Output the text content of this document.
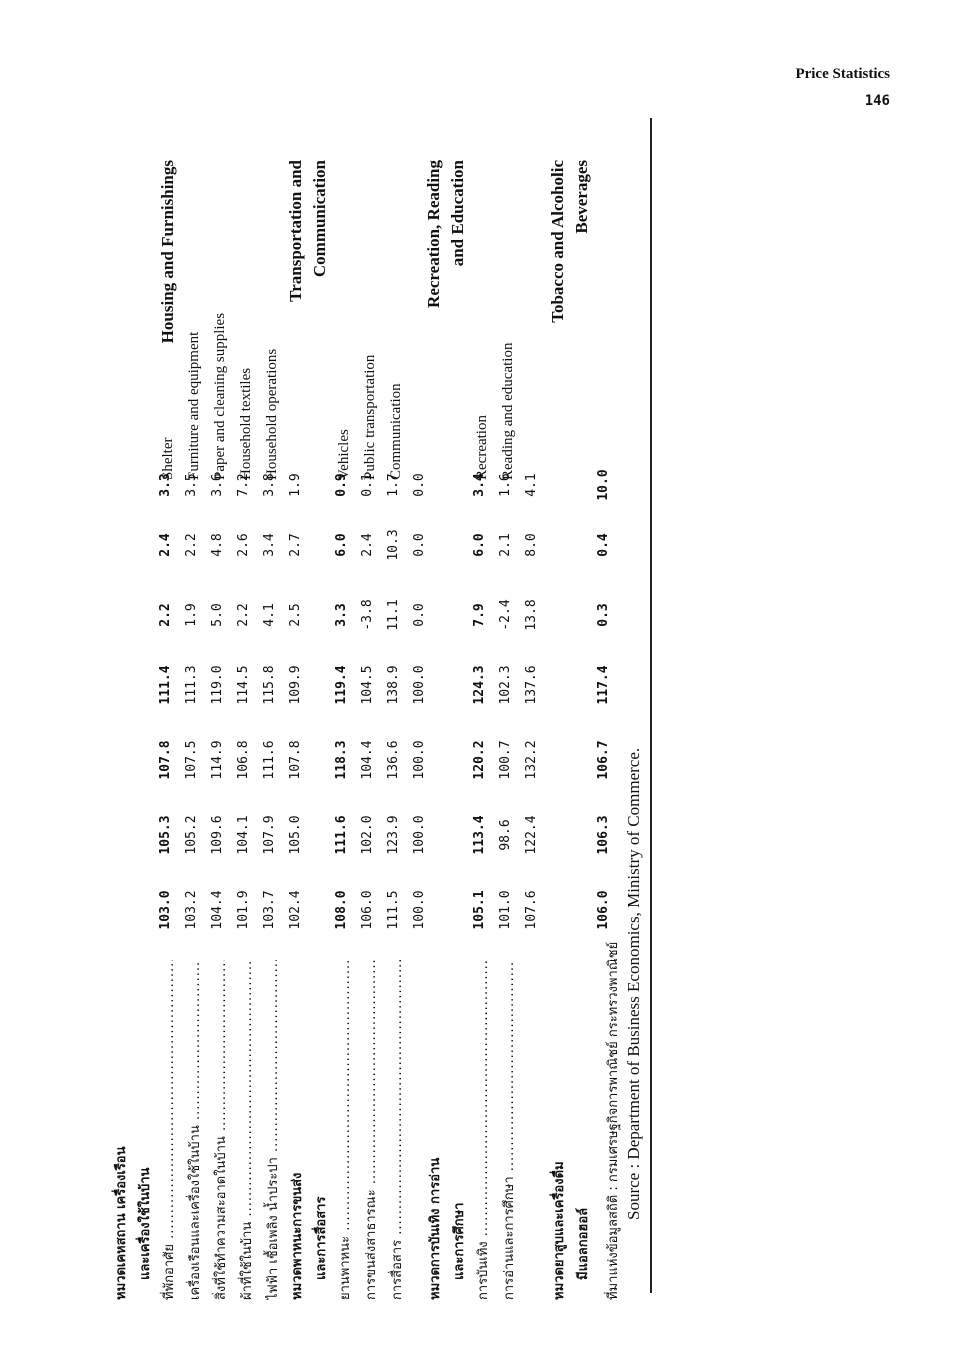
Price Statistics
146
หมวดเคหสถาน เครื่องเรือน และเครื่องใช้ในบ้าน
Housing and Furnishings
ที่พักอาศัย .....
103.0
105.3
107.8
111.4
2.2
2.4
3.3
Shelter
เครื่องเรือนและเครื่องใช้ในบ้าน .....
103.2
105.2
107.5
111.3
1.9
2.2
3.5
Furniture and equipment
สิ่งที่ใช้ทำความสะอาดในบ้าน .....
104.4
109.6
114.9
119.0
5.0
4.8
3.6
Paper and cleaning supplies
ผ้าที่ใช้ในบ้าน .....
101.9
104.1
106.8
114.5
2.2
2.6
7.2
Household textiles
ไฟฟ้า เชื้อเพลิง น้ำประปา .....
103.7
107.9
111.6
115.8
4.1
3.4
3.8
Household operations
102.4
105.0
107.8
109.9
2.5
2.7
1.9
หมวดพาหนะการขนส่ง และการสื่อสาร
Transportation and Communication
ยานพาหนะ .....
108.0
111.6
118.3
119.4
3.3
6.0
0.9
Vehicles
การขนส่งสาธารณะ .....
106.0
102.0
104.4
104.5
-3.8
2.4
0.1
Public transportation
การสื่อสาร .....
111.5
123.9
136.6
138.9
11.1
10.3
1.7
Communication
100.0
100.0
100.0
100.0
0.0
0.0
0.0
หมวดการบันเทิง การอ่าน และการศึกษา
Recreation, Reading and Education
การบันเทิง .....
105.1
113.4
120.2
124.3
7.9
6.0
3.4
Recreation
การอ่านและการศึกษา .....
101.0
98.6
100.7
102.3
-2.4
2.1
1.6
Reading and education
107.6
122.4
132.2
137.6
13.8
8.0
4.1
หมวดยาสูบและเครื่องดื่ม มีแอลกอฮอล์
Tobacco and Alcoholic Beverages
106.0
106.3
106.7
117.4
0.3
0.4
10.0
ที่มาแห่งข้อมูลสถิติ : กรมเศรษฐกิจการพาณิชย์ กระทรวงพาณิชย์ Source : Department of Business Economics, Ministry of Commerce.
